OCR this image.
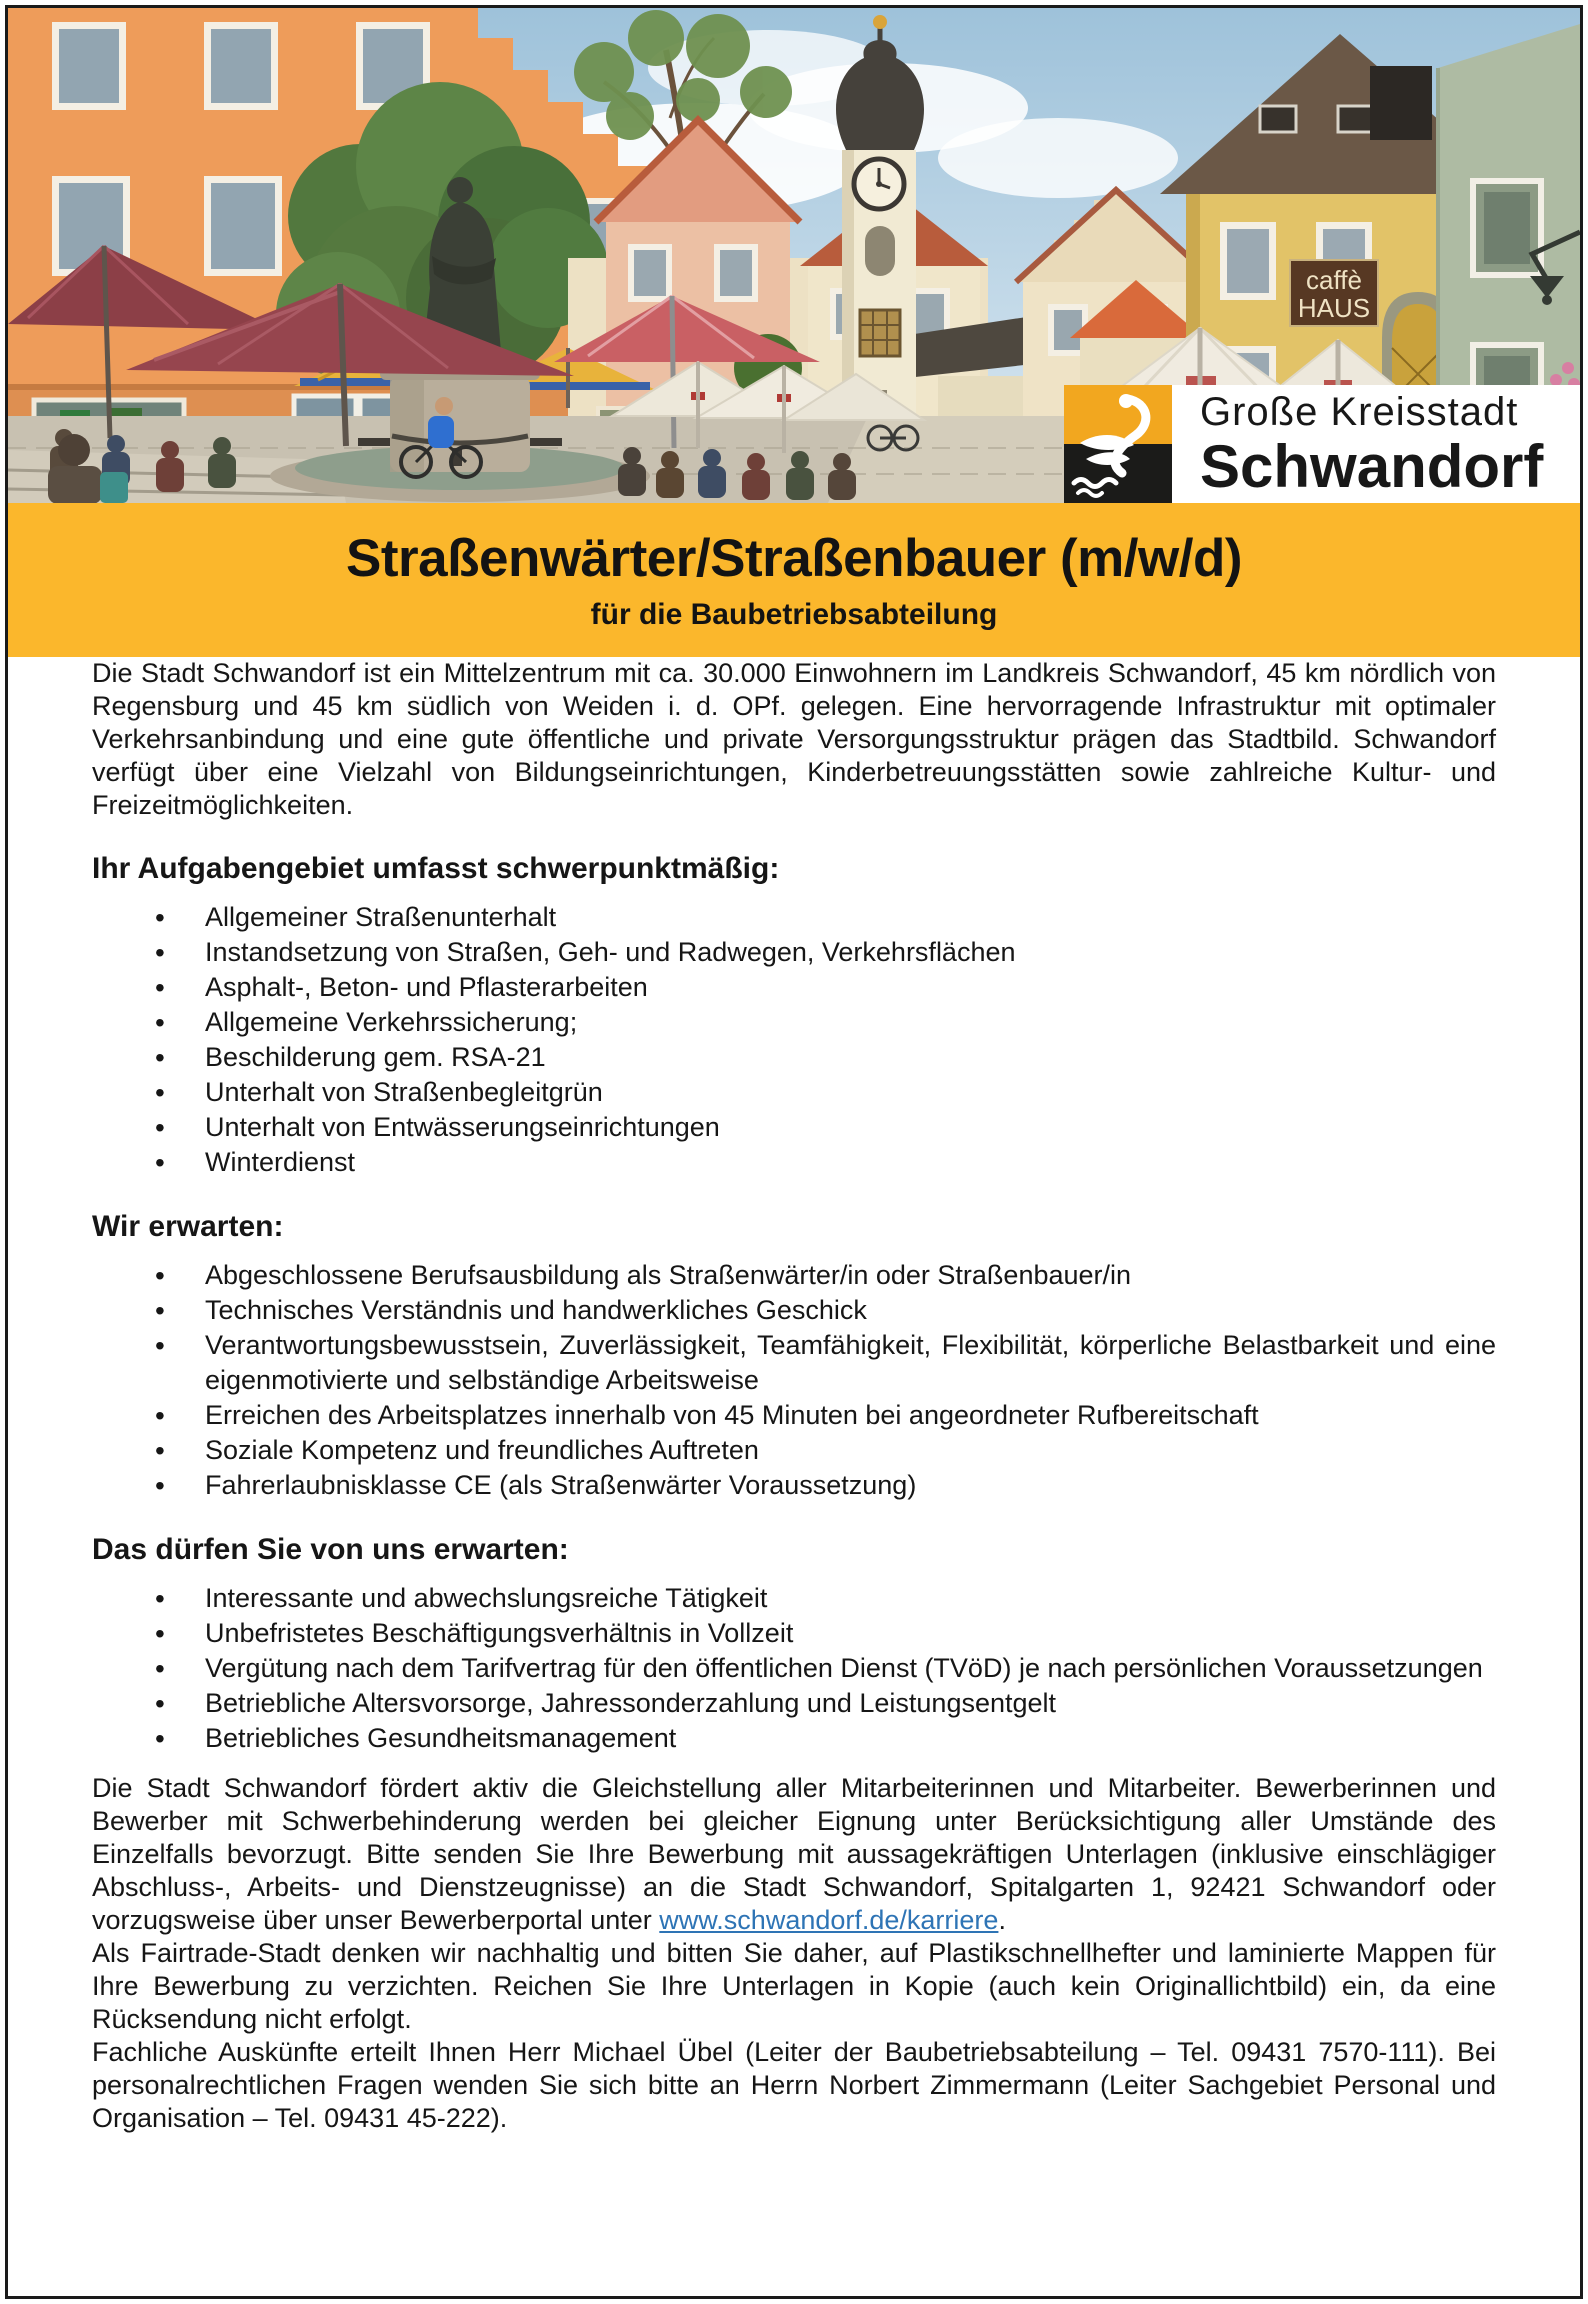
caffè
HAUS
Große Kreisstadt
Schwandorf
Straßenwärter/Straßenbauer (m/w/d)
für die Baubetriebsabteilung

Die Stadt Schwandorf ist ein Mittelzentrum mit ca. 30.000 Einwohnern im Landkreis Schwandorf, 45 km nördlich von Regensburg und 45 km südlich von Weiden i. d. OPf. gelegen. Eine hervorragende Infrastruktur mit optimaler Verkehrsanbindung und eine gute öffentliche und private Versorgungsstruktur prägen das Stadtbild. Schwandorf verfügt über eine Vielzahl von Bildungseinrichtungen, Kinderbetreuungsstätten sowie zahlreiche Kultur- und Freizeitmöglichkeiten.

Ihr Aufgabengebiet umfasst schwerpunktmäßig:
• Allgemeiner Straßenunterhalt
• Instandsetzung von Straßen, Geh- und Radwegen, Verkehrsflächen
• Asphalt-, Beton- und Pflasterarbeiten
• Allgemeine Verkehrssicherung;
• Beschilderung gem. RSA-21
• Unterhalt von Straßenbegleitgrün
• Unterhalt von Entwässerungseinrichtungen
• Winterdienst
Wir erwarten:
• Abgeschlossene Berufsausbildung als Straßenwärter/in oder Straßenbauer/in
• Technisches Verständnis und handwerkliches Geschick
• Verantwortungsbewusstsein, Zuverlässigkeit, Teamfähigkeit, Flexibilität, körperliche Belastbarkeit und eine eigenmotivierte und selbständige Arbeitsweise
• Erreichen des Arbeitsplatzes innerhalb von 45 Minuten bei angeordneter Rufbereitschaft
• Soziale Kompetenz und freundliches Auftreten
• Fahrerlaubnisklasse CE (als Straßenwärter Voraussetzung)
Das dürfen Sie von uns erwarten:
• Interessante und abwechslungsreiche Tätigkeit
• Unbefristetes Beschäftigungsverhältnis in Vollzeit
• Vergütung nach dem Tarifvertrag für den öffentlichen Dienst (TVöD) je nach persönlichen Voraussetzungen
• Betriebliche Altersvorsorge, Jahressonderzahlung und Leistungsentgelt
• Betriebliches Gesundheitsmanagement

Die Stadt Schwandorf fördert aktiv die Gleichstellung aller Mitarbeiterinnen und Mitarbeiter. Bewerberinnen und Bewerber mit Schwerbehinderung werden bei gleicher Eignung unter Berücksichtigung aller Umstände des Einzelfalls bevorzugt. Bitte senden Sie Ihre Bewerbung mit aussagekräftigen Unterlagen (inklusive einschlägiger Abschluss-, Arbeits- und Dienstzeugnisse) an die Stadt Schwandorf, Spitalgarten 1, 92421 Schwandorf oder vorzugsweise über unser Bewerberportal unter www.schwandorf.de/karriere.

Als Fairtrade-Stadt denken wir nachhaltig und bitten Sie daher, auf Plastikschnellhefter und laminierte Mappen für Ihre Bewerbung zu verzichten. Reichen Sie Ihre Unterlagen in Kopie (auch kein Originallichtbild) ein, da eine Rücksendung nicht erfolgt.

Fachliche Auskünfte erteilt Ihnen Herr Michael Übel (Leiter der Baubetriebsabteilung – Tel. 09431 7570-111). Bei personalrechtlichen Fragen wenden Sie sich bitte an Herrn Norbert Zimmermann (Leiter Sachgebiet Personal und Organisation – Tel. 09431 45-222).
